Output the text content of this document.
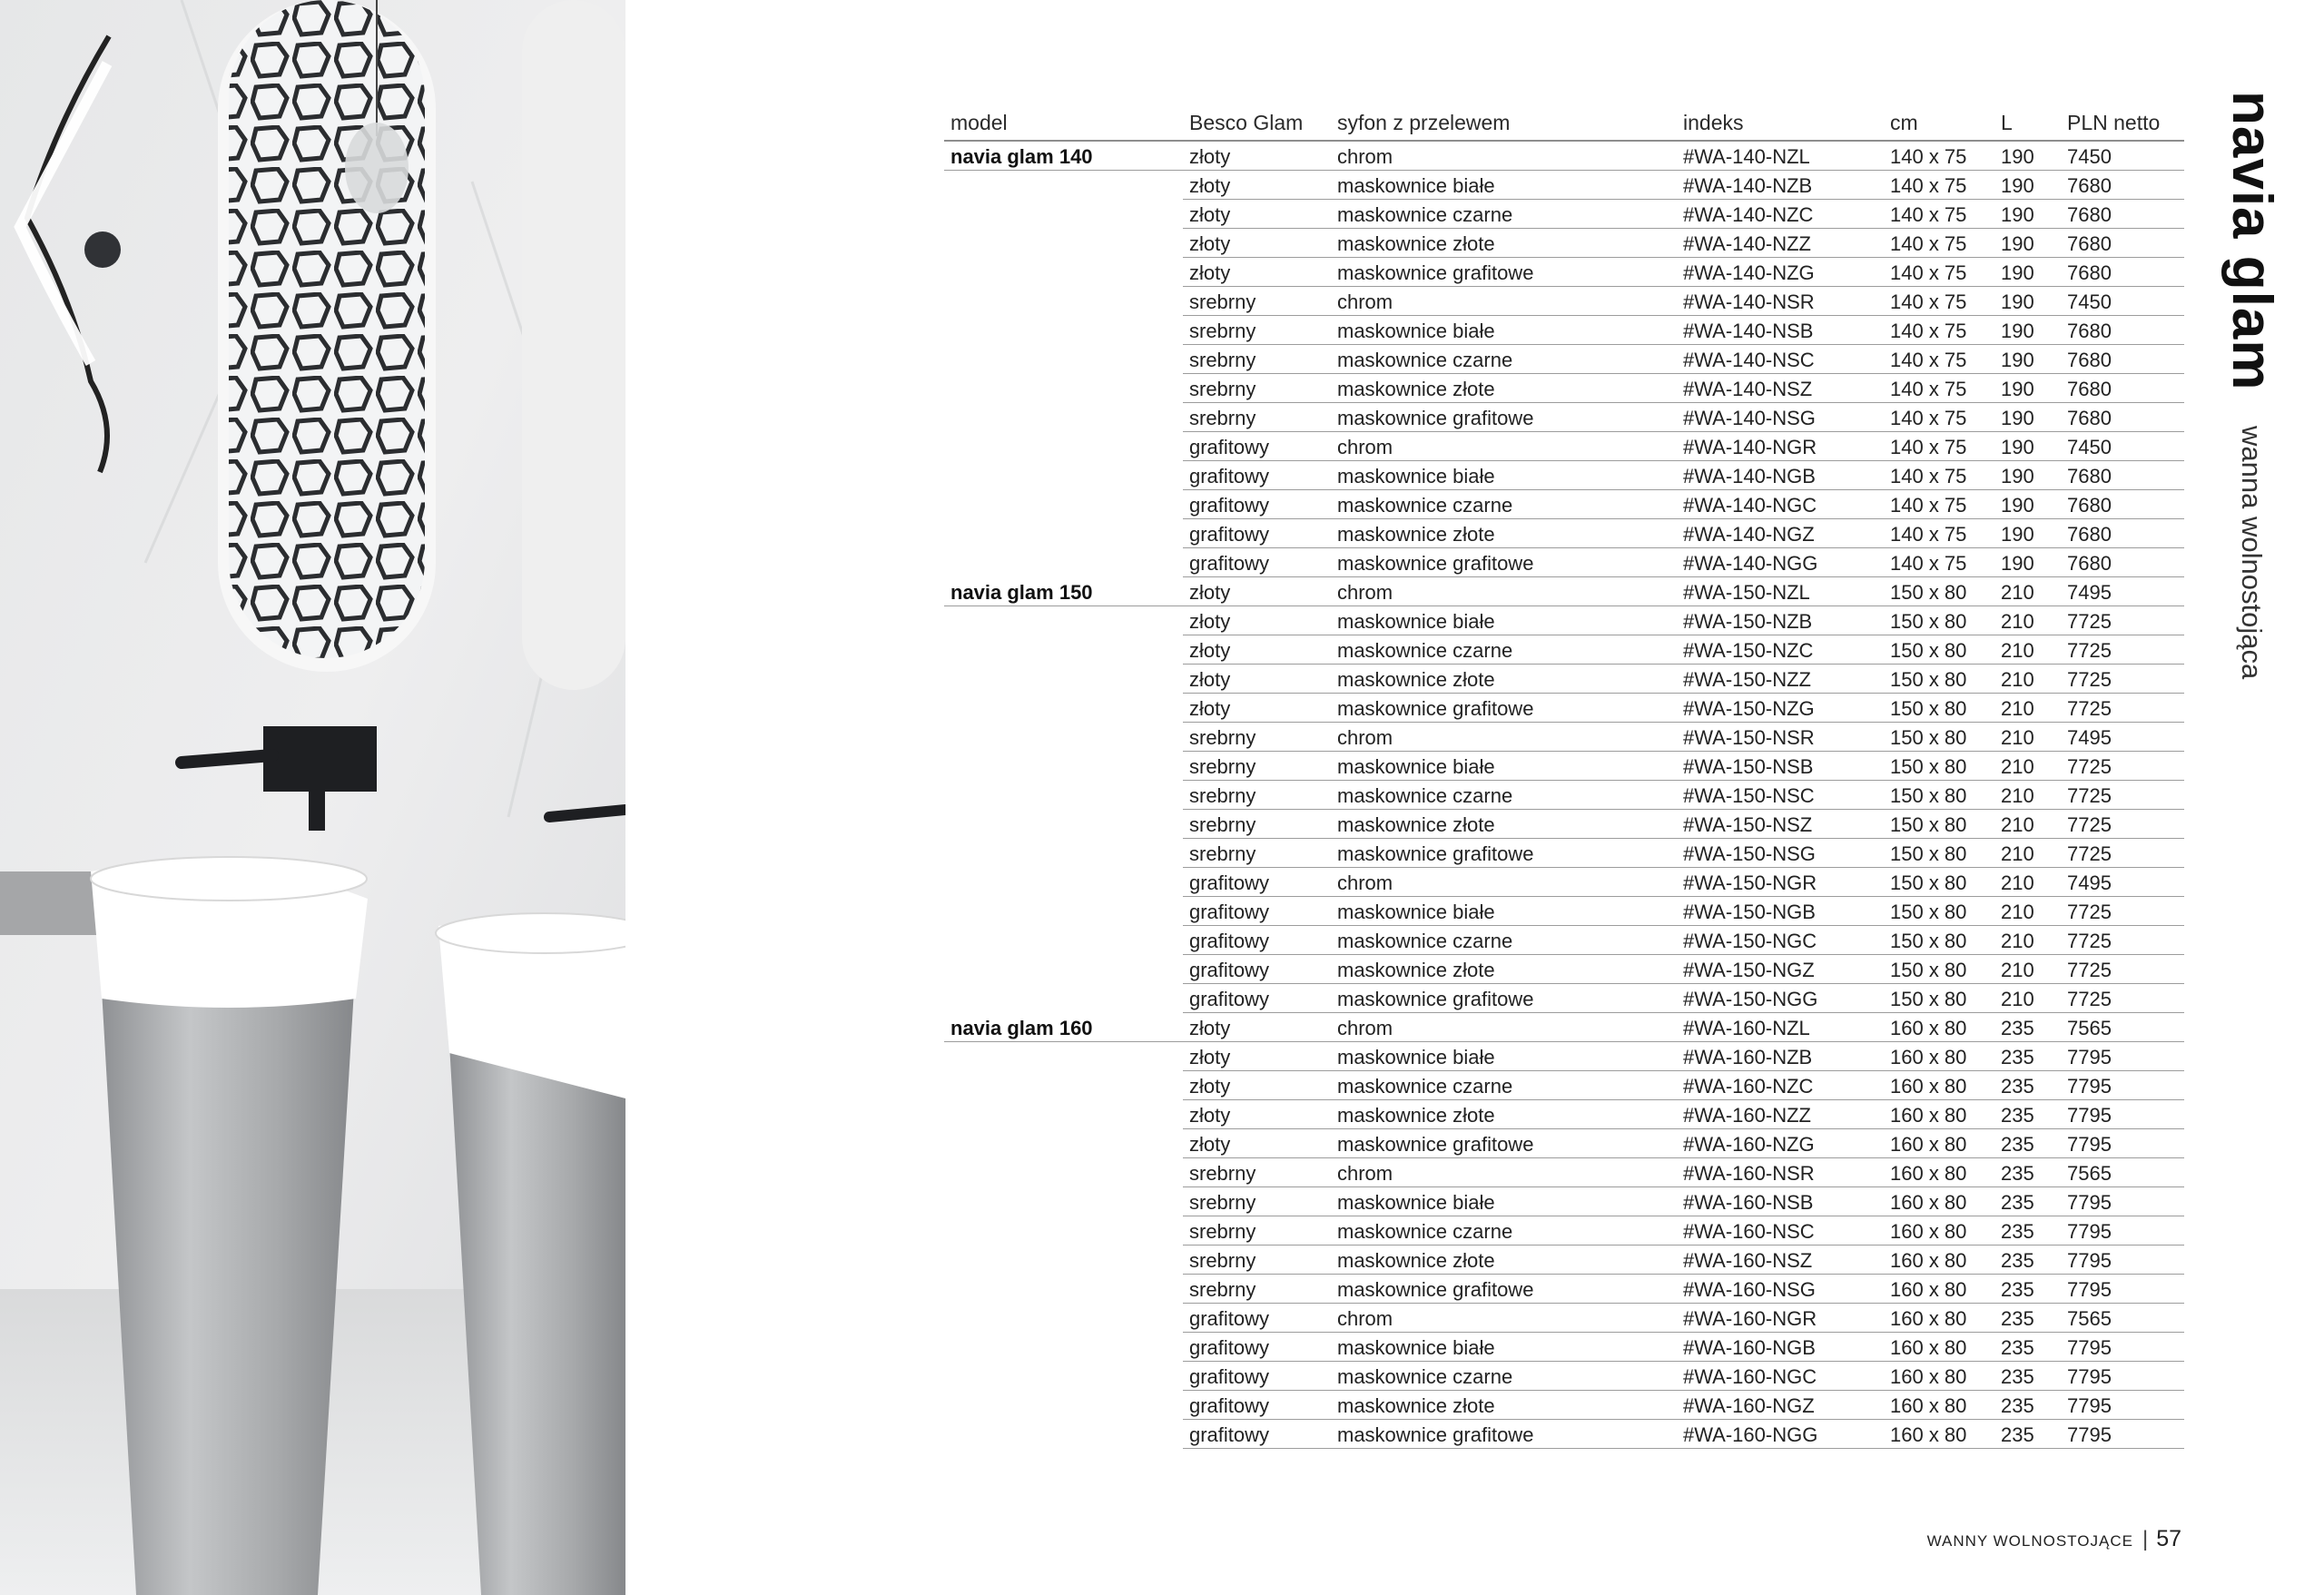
model	Besco Glam	syfon z przelewem	indeks	cm	L	PLN netto
navia glam 140	złoty	chrom	#WA-140-NZL	140 x 75	190	7450
	złoty	maskownice białe	#WA-140-NZB	140 x 75	190	7680
	złoty	maskownice czarne	#WA-140-NZC	140 x 75	190	7680
	złoty	maskownice złote	#WA-140-NZZ	140 x 75	190	7680
	złoty	maskownice grafitowe	#WA-140-NZG	140 x 75	190	7680
	srebrny	chrom	#WA-140-NSR	140 x 75	190	7450
	srebrny	maskownice białe	#WA-140-NSB	140 x 75	190	7680
	srebrny	maskownice czarne	#WA-140-NSC	140 x 75	190	7680
	srebrny	maskownice złote	#WA-140-NSZ	140 x 75	190	7680
	srebrny	maskownice grafitowe	#WA-140-NSG	140 x 75	190	7680
	grafitowy	chrom	#WA-140-NGR	140 x 75	190	7450
	grafitowy	maskownice białe	#WA-140-NGB	140 x 75	190	7680
	grafitowy	maskownice czarne	#WA-140-NGC	140 x 75	190	7680
	grafitowy	maskownice złote	#WA-140-NGZ	140 x 75	190	7680
	grafitowy	maskownice grafitowe	#WA-140-NGG	140 x 75	190	7680
navia glam 150	złoty	chrom	#WA-150-NZL	150 x 80	210	7495
	złoty	maskownice białe	#WA-150-NZB	150 x 80	210	7725
	złoty	maskownice czarne	#WA-150-NZC	150 x 80	210	7725
	złoty	maskownice złote	#WA-150-NZZ	150 x 80	210	7725
	złoty	maskownice grafitowe	#WA-150-NZG	150 x 80	210	7725
	srebrny	chrom	#WA-150-NSR	150 x 80	210	7495
	srebrny	maskownice białe	#WA-150-NSB	150 x 80	210	7725
	srebrny	maskownice czarne	#WA-150-NSC	150 x 80	210	7725
	srebrny	maskownice złote	#WA-150-NSZ	150 x 80	210	7725
	srebrny	maskownice grafitowe	#WA-150-NSG	150 x 80	210	7725
	grafitowy	chrom	#WA-150-NGR	150 x 80	210	7495
	grafitowy	maskownice białe	#WA-150-NGB	150 x 80	210	7725
	grafitowy	maskownice czarne	#WA-150-NGC	150 x 80	210	7725
	grafitowy	maskownice złote	#WA-150-NGZ	150 x 80	210	7725
	grafitowy	maskownice grafitowe	#WA-150-NGG	150 x 80	210	7725
navia glam 160	złoty	chrom	#WA-160-NZL	160 x 80	235	7565
	złoty	maskownice białe	#WA-160-NZB	160 x 80	235	7795
	złoty	maskownice czarne	#WA-160-NZC	160 x 80	235	7795
	złoty	maskownice złote	#WA-160-NZZ	160 x 80	235	7795
	złoty	maskownice grafitowe	#WA-160-NZG	160 x 80	235	7795
	srebrny	chrom	#WA-160-NSR	160 x 80	235	7565
	srebrny	maskownice białe	#WA-160-NSB	160 x 80	235	7795
	srebrny	maskownice czarne	#WA-160-NSC	160 x 80	235	7795
	srebrny	maskownice złote	#WA-160-NSZ	160 x 80	235	7795
	srebrny	maskownice grafitowe	#WA-160-NSG	160 x 80	235	7795
	grafitowy	chrom	#WA-160-NGR	160 x 80	235	7565
	grafitowy	maskownice białe	#WA-160-NGB	160 x 80	235	7795
	grafitowy	maskownice czarne	#WA-160-NGC	160 x 80	235	7795
	grafitowy	maskownice złote	#WA-160-NGZ	160 x 80	235	7795
	grafitowy	maskownice grafitowe	#WA-160-NGG	160 x 80	235	7795
navia glam wanna wolnostojąca
WANNY WOLNOSTOJĄCE | 57
